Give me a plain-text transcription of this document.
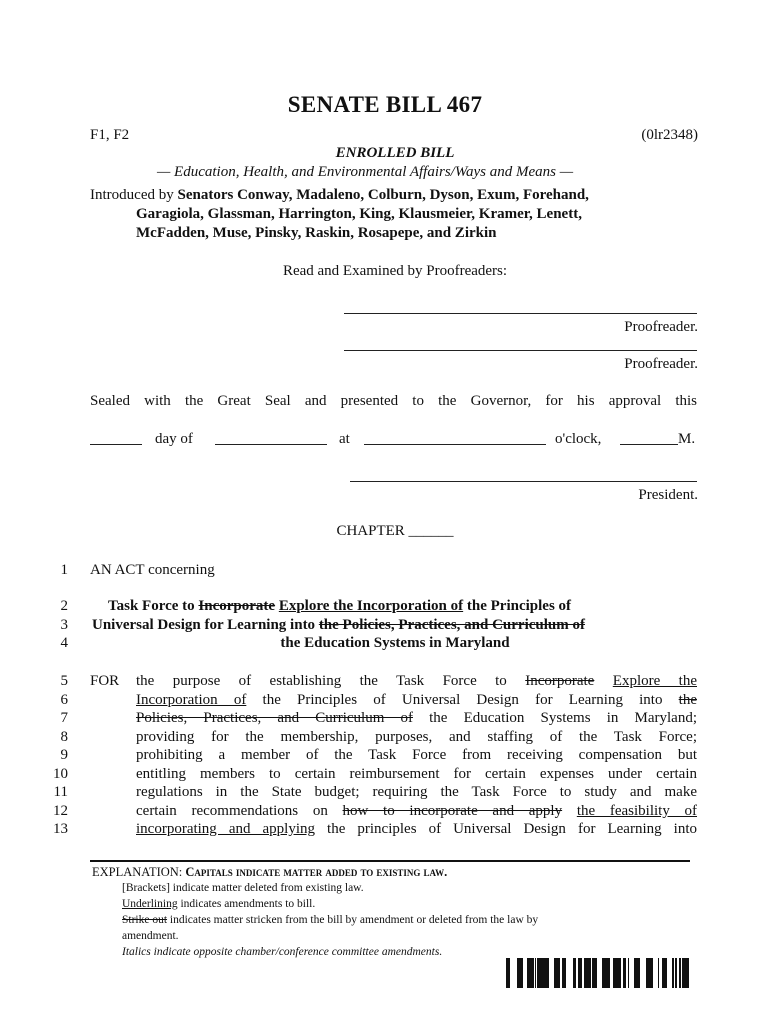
SENATE BILL 467
F1, F2	(0lr2348)
ENROLLED BILL
— Education, Health, and Environmental Affairs/Ways and Means —
Introduced by Senators Conway, Madaleno, Colburn, Dyson, Exum, Forehand,
Garagiola, Glassman, Harrington, King, Klausmeier, Kramer, Lenett,
McFadden, Muse, Pinsky, Raskin, Rosapepe, and Zirkin
Read and Examined by Proofreaders:
Proofreader.
Proofreader.
Sealed with the Great Seal and presented to the Governor, for his approval this
day of	at	o'clock,	M.
President.
CHAPTER ______
1
2
3
4
5
6
7
8
9
10
11
12
13
AN ACT concerning
Task Force to Incorporate Explore the Incorporation of the Principles of
Universal Design for Learning into the Policies, Practices, and Curriculum of
the Education Systems in Maryland
FOR the purpose of establishing the Task Force to Incorporate Explore the
Incorporation of the Principles of Universal Design for Learning into the
Policies, Practices, and Curriculum of the Education Systems in Maryland;
providing for the membership, purposes, and staffing of the Task Force;
prohibiting a member of the Task Force from receiving compensation but
entitling members to certain reimbursement for certain expenses under certain
regulations in the State budget; requiring the Task Force to study and make
certain recommendations on how to incorporate and apply the feasibility of
incorporating and applying the principles of Universal Design for Learning into
EXPLANATION: Capitals indicate matter added to existing law.
[Brackets] indicate matter deleted from existing law.
Underlining indicates amendments to bill.
Strike out indicates matter stricken from the bill by amendment or deleted from the law by
amendment.
Italics indicate opposite chamber/conference committee amendments.
